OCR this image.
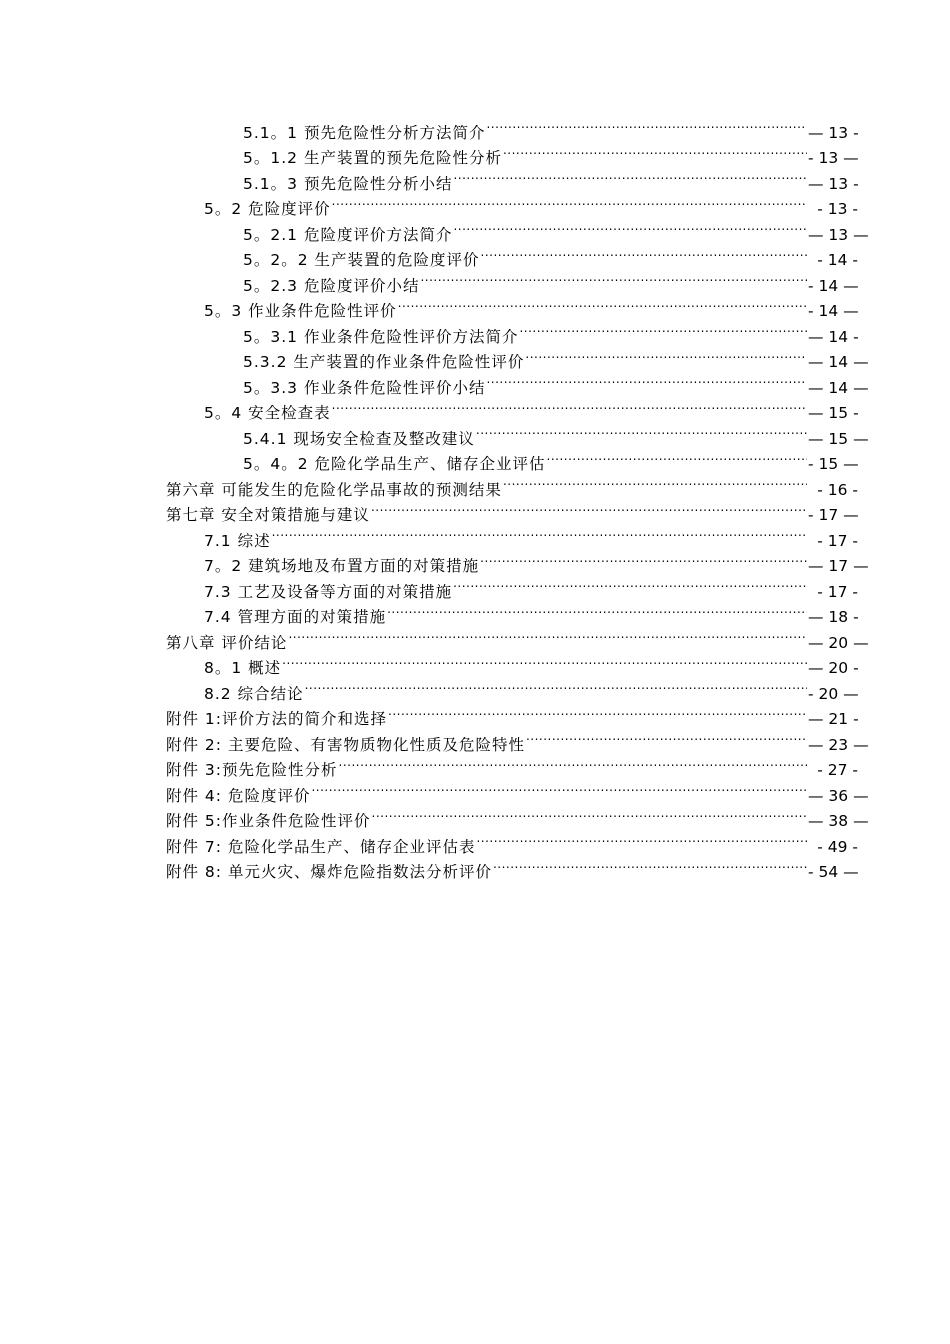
5.1。1 预先危险性分析方法简介 .....	— 13 -
5。1.2 生产装置的预先危险性分析 .....	- 13 —
5.1。3 预先危险性分析小结 .....	— 13 -
5。2 危险度评价 .....	- 13 -
5。2.1 危险度评价方法简介 .....	— 13 —
5。2。2 生产装置的危险度评价 .....	- 14 -
5。2.3 危险度评价小结 .....	- 14 —
5。3 作业条件危险性评价 .....	- 14 —
5。3.1 作业条件危险性评价方法简介 .....	— 14 -
5.3.2 生产装置的作业条件危险性评价 .....	— 14 —
5。3.3 作业条件危险性评价小结 .....	— 14 —
5。4 安全检查表 .....	— 15 -
5.4.1 现场安全检查及整改建议 .....	— 15 —
5。4。2 危险化学品生产、储存企业评估 .....	- 15 —
第六章 可能发生的危险化学品事故的预测结果 .....	- 16 -
第七章 安全对策措施与建议 .....	- 17 —
7.1 综述 .....	- 17 -
7。2 建筑场地及布置方面的对策措施 .....	— 17 —
7.3 工艺及设备等方面的对策措施 .....	- 17 -
7.4 管理方面的对策措施 .....	— 18 -
第八章 评价结论 .....	— 20 —
8。1 概述 .....	— 20 -
8.2 综合结论 .....	- 20 —
附件 1:评价方法的简介和选择 .....	— 21 -
附件 2: 主要危险、有害物质物化性质及危险特性 .....	— 23 —
附件 3:预先危险性分析 .....	- 27 -
附件 4: 危险度评价 .....	— 36 —
附件 5:作业条件危险性评价 .....	— 38 —
附件 7: 危险化学品生产、储存企业评估表 .....	- 49 -
附件 8: 单元火灾、爆炸危险指数法分析评价 .....	- 54 —
